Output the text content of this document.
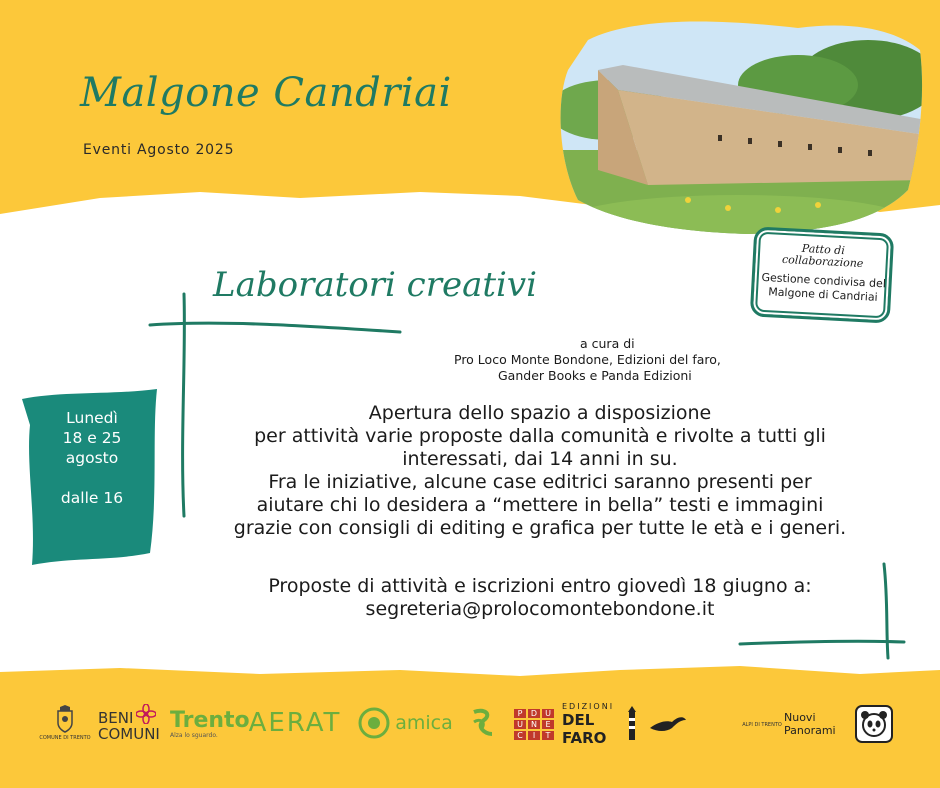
Malgone Candriai
Eventi Agosto 2025
Patto di collaborazione
Gestione condivisa del Malgone di Candriai
Laboratori creativi
a cura di
Pro Loco Monte Bondone, Edizioni del faro,
Gander Books e Panda Edizioni
Lunedì
18 e 25
agosto
dalle 16
Apertura dello spazio a disposizione
per attività varie proposte dalla comunità e rivolte a tutti gli
interessati, dai 14 anni in su.
Fra le iniziative, alcune case editrici saranno presenti per
aiutare chi lo desidera a “mettere in bella” testi e immagini
grazie con consigli di editing e grafica per tutte le età e i generi.
Proposte di attività e iscrizioni entro giovedì 18 giugno a:
segreteria@prolocomontebondone.it
COMUNE DI TRENTO
BENI
COMUNI
Trento
Alza lo sguardo. AERAT	amica	P	D U
U	N	E
C	I	T
EDIZIONI
DEL FARO
ALPI DI TRENTO
Nuovi
Panorami
